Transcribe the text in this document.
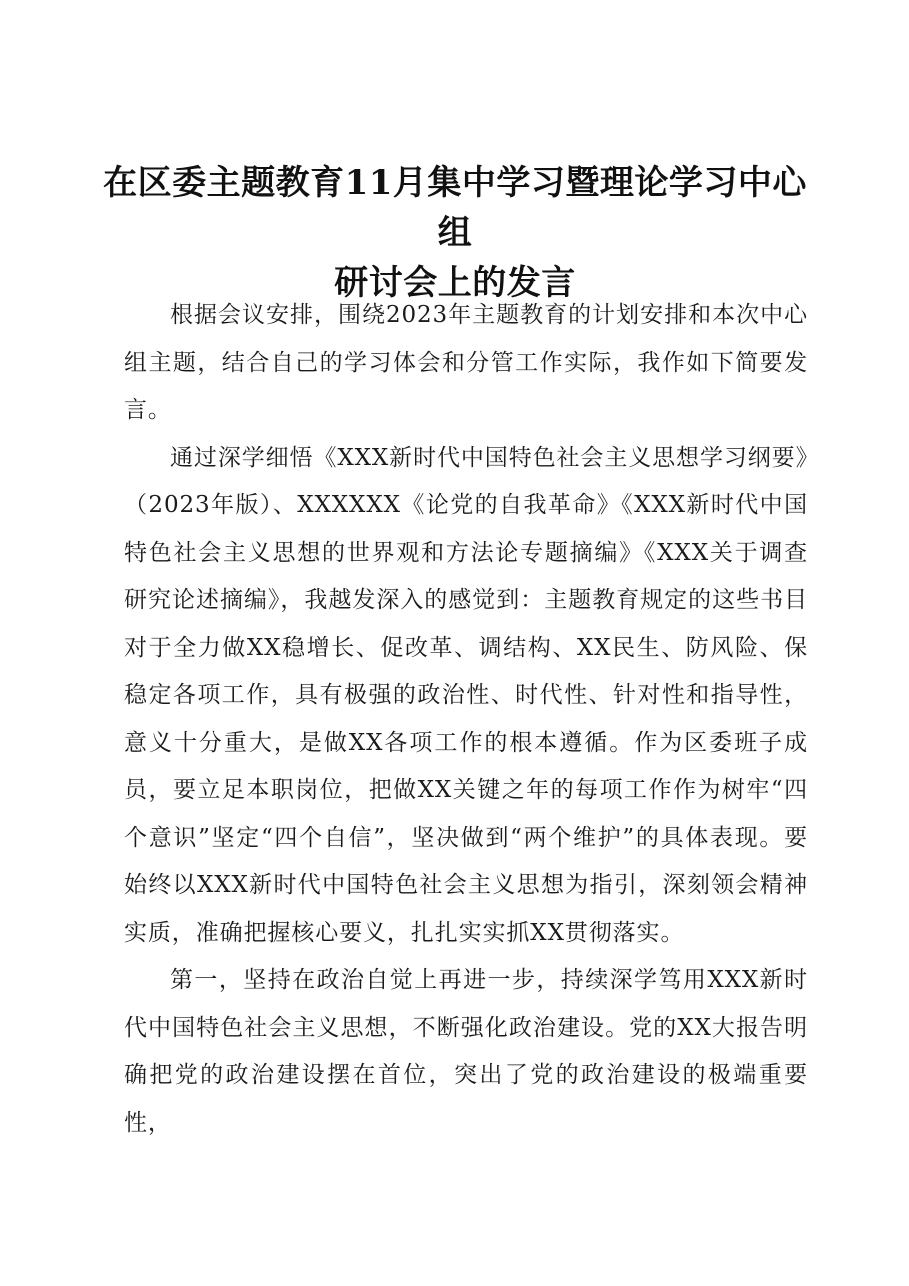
在区委主题教育11月集中学习暨理论学习中心组
研讨会上的发言

根据会议安排，围绕2023年主题教育的计划安排和本次中心组主题，结合自己的学习体会和分管工作实际，我作如下简要发言。

通过深学细悟《XXX新时代中国特色社会主义思想学习纲要》（2023年版）、XXXXXX《论党的自我革命》《XXX新时代中国特色社会主义思想的世界观和方法论专题摘编》《XXX关于调查研究论述摘编》，我越发深入的感觉到：主题教育规定的这些书目对于全力做XX稳增长、促改革、调结构、XX民生、防风险、保稳定各项工作，具有极强的政治性、时代性、针对性和指导性，意义十分重大，是做XX各项工作的根本遵循。作为区委班子成员，要立足本职岗位，把做XX关键之年的每项工作作为树牢“四个意识”坚定“四个自信”，坚决做到“两个维护”的具体表现。要始终以XXX新时代中国特色社会主义思想为指引，深刻领会精神实质，准确把握核心要义，扎扎实实抓XX贯彻落实。

第一，坚持在政治自觉上再进一步，持续深学笃用XXX新时代中国特色社会主义思想，不断强化政治建设。党的XX大报告明确把党的政治建设摆在首位，突出了党的政治建设的极端重要性，
